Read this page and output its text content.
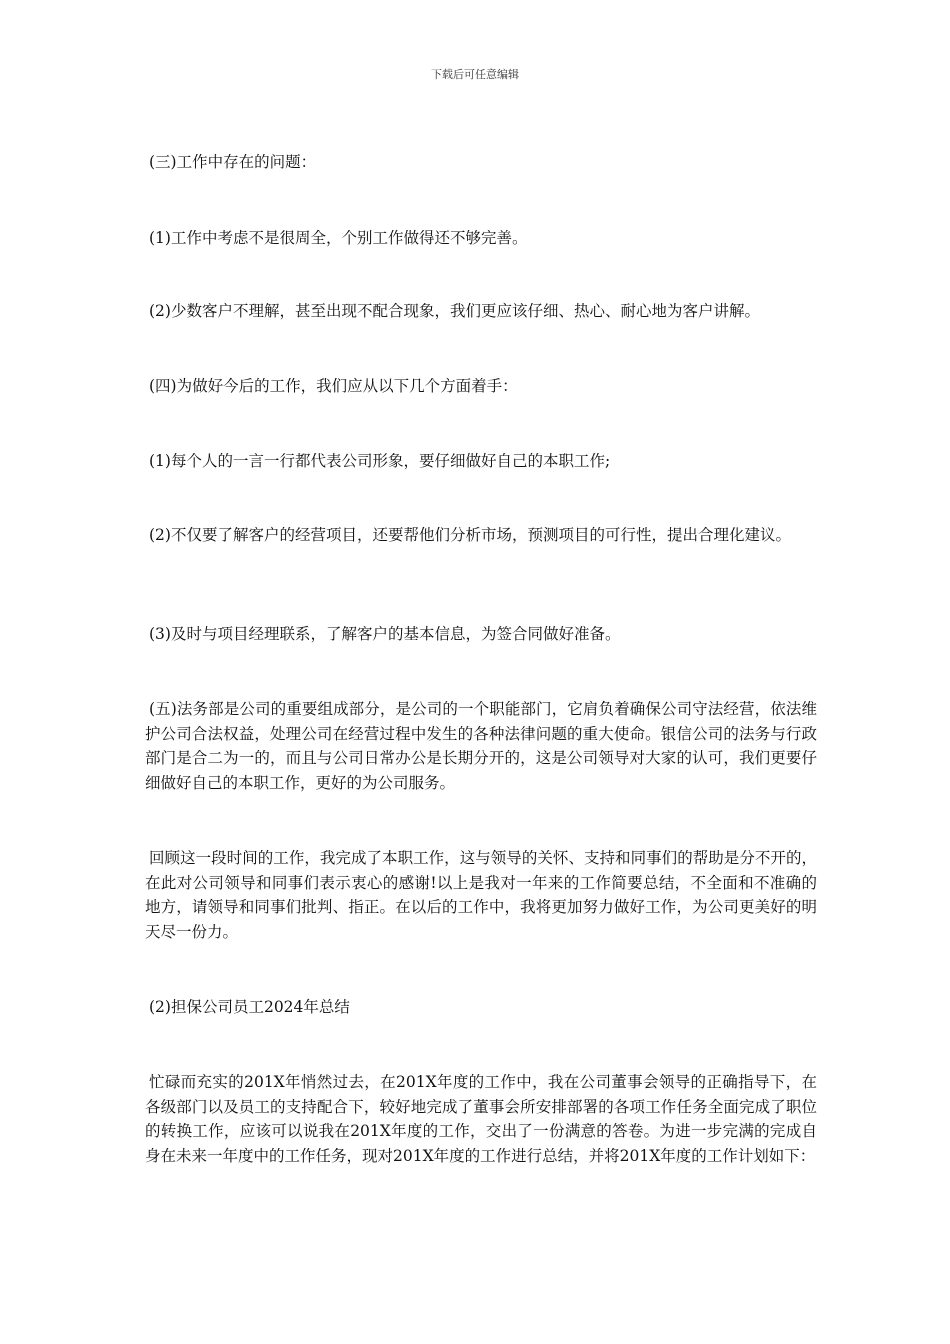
下载后可任意编辑
(三)工作中存在的问题：
(1)工作中考虑不是很周全，个别工作做得还不够完善。
(2)少数客户不理解，甚至出现不配合现象，我们更应该仔细、热心、耐心地为客户讲解。
(四)为做好今后的工作，我们应从以下几个方面着手：
(1)每个人的一言一行都代表公司形象，要仔细做好自己的本职工作;
(2)不仅要了解客户的经营项目，还要帮他们分析市场，预测项目的可行性，提出合理化建议。
(3)及时与项目经理联系，了解客户的基本信息，为签合同做好准备。
(五)法务部是公司的重要组成部分，是公司的一个职能部门，它肩负着确保公司守法经营，依法维护公司合法权益，处理公司在经营过程中发生的各种法律问题的重大使命。银信公司的法务与行政部门是合二为一的，而且与公司日常办公是长期分开的，这是公司领导对大家的认可，我们更要仔细做好自己的本职工作，更好的为公司服务。
回顾这一段时间的工作，我完成了本职工作，这与领导的关怀、支持和同事们的帮助是分不开的，在此对公司领导和同事们表示衷心的感谢!以上是我对一年来的工作简要总结，不全面和不准确的地方，请领导和同事们批判、指正。在以后的工作中，我将更加努力做好工作，为公司更美好的明天尽一份力。
(2)担保公司员工2024年总结
忙碌而充实的201X年悄然过去，在201X年度的工作中，我在公司董事会领导的正确指导下，在各级部门以及员工的支持配合下，较好地完成了董事会所安排部署的各项工作任务全面完成了职位的转换工作，应该可以说我在201X年度的工作，交出了一份满意的答卷。为进一步完满的完成自身在未来一年度中的工作任务，现对201X年度的工作进行总结，并将201X年度的工作计划如下：
